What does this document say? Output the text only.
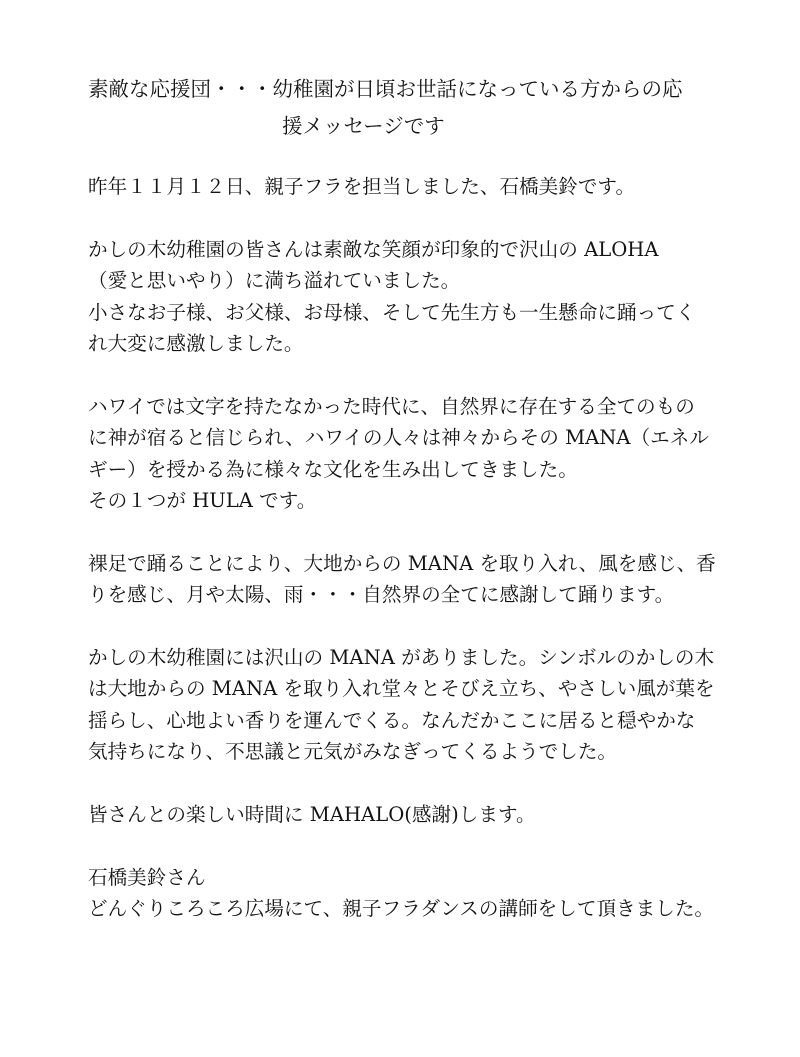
素敵な応援団・・・幼稚園が日頃お世話になっている方からの応
援メッセージです
昨年１１月１２日、親子フラを担当しました、石橋美鈴です。
かしの木幼稚園の皆さんは素敵な笑顔が印象的で沢山の ALOHA
（愛と思いやり）に満ち溢れていました。
小さなお子様、お父様、お母様、そして先生方も一生懸命に踊ってく
れ大変に感激しました。
ハワイでは文字を持たなかった時代に、自然界に存在する全てのもの
に神が宿ると信じられ、ハワイの人々は神々からその MANA（エネル
ギー）を授かる為に様々な文化を生み出してきました。
その１つが HULA です。
裸足で踊ることにより、大地からの MANA を取り入れ、風を感じ、香
りを感じ、月や太陽、雨・・・自然界の全てに感謝して踊ります。
かしの木幼稚園には沢山の MANA がありました。シンボルのかしの木
は大地からの MANA を取り入れ堂々とそびえ立ち、やさしい風が葉を
揺らし、心地よい香りを運んでくる。なんだかここに居ると穏やかな
気持ちになり、不思議と元気がみなぎってくるようでした。
皆さんとの楽しい時間に MAHALO(感謝)します。
石橋美鈴さん
どんぐりころころ広場にて、親子フラダンスの講師をして頂きました。
